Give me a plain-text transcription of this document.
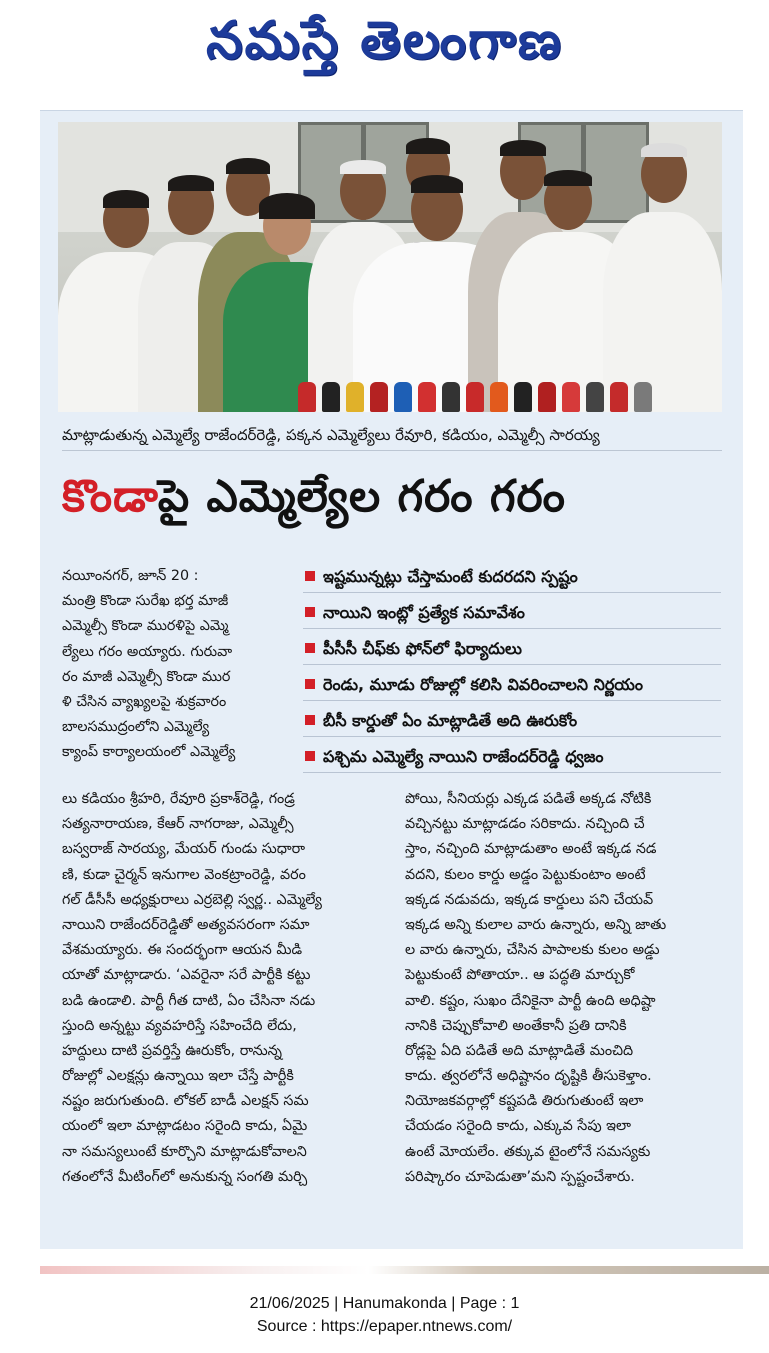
నమస్తే తెలంగాణ
మాట్లాడుతున్న ఎమ్మెల్యే రాజేందర్‌రెడ్డి, పక్కన ఎమ్మెల్యేలు రేవూరి, కడియం, ఎమ్మెల్సీ సారయ్య
కొండాపై ఎమ్మెల్యేల గరం గరం
నయీంనగర్, జూన్ 20 :
మంత్రి కొండా సురేఖ భర్త మాజీ
ఎమ్మెల్సీ కొండా మురళిపై ఎమ్మె
ల్యేలు గరం అయ్యారు. గురువా
రం మాజీ ఎమ్మెల్సీ కొండా ముర
ళి చేసిన వ్యాఖ్యలపై శుక్రవారం
బాలసముద్రంలోని ఎమ్మెల్యే
క్యాంప్ కార్యాలయంలో ఎమ్మెల్యే
ఇష్టమున్నట్లు చేస్తామంటే కుదరదని స్పష్టం
నాయిని ఇంట్లో ప్రత్యేక సమావేశం
పీసీసీ చీఫ్‌కు ఫోన్‌లో ఫిర్యాదులు
రెండు, మూడు రోజుల్లో కలిసి వివరించాలని నిర్ణయం
బీసీ కార్డుతో ఏం మాట్లాడితే అది ఊరుకోం
పశ్చిమ ఎమ్మెల్యే నాయిని రాజేందర్‌రెడ్డి ధ్వజం
లు కడియం శ్రీహరి, రేవూరి ప్రకాశ్‌రెడ్డి, గండ్ర
సత్యనారాయణ, కేఆర్ నాగరాజు, ఎమ్మెల్సీ
బస్వరాజ్ సారయ్య, మేయర్ గుండు సుధారా
ణి, కుడా చైర్మన్ ఇనుగాల వెంకట్రాంరెడ్డి, వరం
గల్ డీసీసీ అధ్యక్షురాలు ఎర్రబెల్లి స్వర్ణ.. ఎమ్మెల్యే
నాయిని రాజేందర్‌రెడ్డితో అత్యవసరంగా సమా
వేశమయ్యారు. ఈ సందర్భంగా ఆయన మీడి
యాతో మాట్లాడారు. ‘ఎవరైనా సరే పార్టీకి కట్టు
బడి ఉండాలి. పార్టీ గీత దాటి, ఏం చేసినా నడు
స్తుంది అన్నట్టు వ్యవహరిస్తే సహించేది లేదు,
హద్దులు దాటి ప్రవర్తిస్తే ఊరుకోం, రానున్న
రోజుల్లో ఎలక్షన్లు ఉన్నాయి ఇలా చేస్తే పార్టీకి
నష్టం జరుగుతుంది. లోకల్ బాడీ ఎలక్షన్ సమ
యంలో ఇలా మాట్లాడటం సరైంది కాదు, ఏమై
నా సమస్యలుంటే కూర్చొని మాట్లాడుకోవాలని
గతంలోనే మీటింగ్‌లో అనుకున్న సంగతి మర్చి
పోయి, సీనియర్లు ఎక్కడ పడితే అక్కడ నోటికి
వచ్చినట్టు మాట్లాడడం సరికాదు. నచ్చింది చే
స్తాం, నచ్చింది మాట్లాడుతాం అంటే ఇక్కడ నడ
వదని, కులం కార్డు అడ్డం పెట్టుకుంటాం అంటే
ఇక్కడ నడువదు, ఇక్కడ కార్డులు పని చేయవ్
ఇక్కడ అన్ని కులాల వారు ఉన్నారు, అన్ని జాతు
ల వారు ఉన్నారు, చేసిన పాపాలకు కులం అడ్డు
పెట్టుకుంటే పోతాయా.. ఆ పద్ధతి మార్చుకో
వాలి. కష్టం, సుఖం దేనికైనా పార్టీ ఉంది అధిష్టా
నానికి చెప్పుకోవాలి అంతేకానీ ప్రతి దానికి
రోడ్లపై ఏది పడితే అది మాట్లాడితే మంచిది
కాదు. త్వరలోనే అధిష్టానం దృష్టికి తీసుకెళ్తాం.
నియోజకవర్గాల్లో కష్టపడి తిరుగుతుంటే ఇలా
చేయడం సరైంది కాదు, ఎక్కువ సేపు ఇలా
ఉంటే మోయలేం. తక్కువ టైంలోనే సమస్యకు
పరిష్కారం చూపెడుతా’మని స్పష్టంచేశారు.
21/06/2025 | Hanumakonda | Page : 1
Source : https://epaper.ntnews.com/
